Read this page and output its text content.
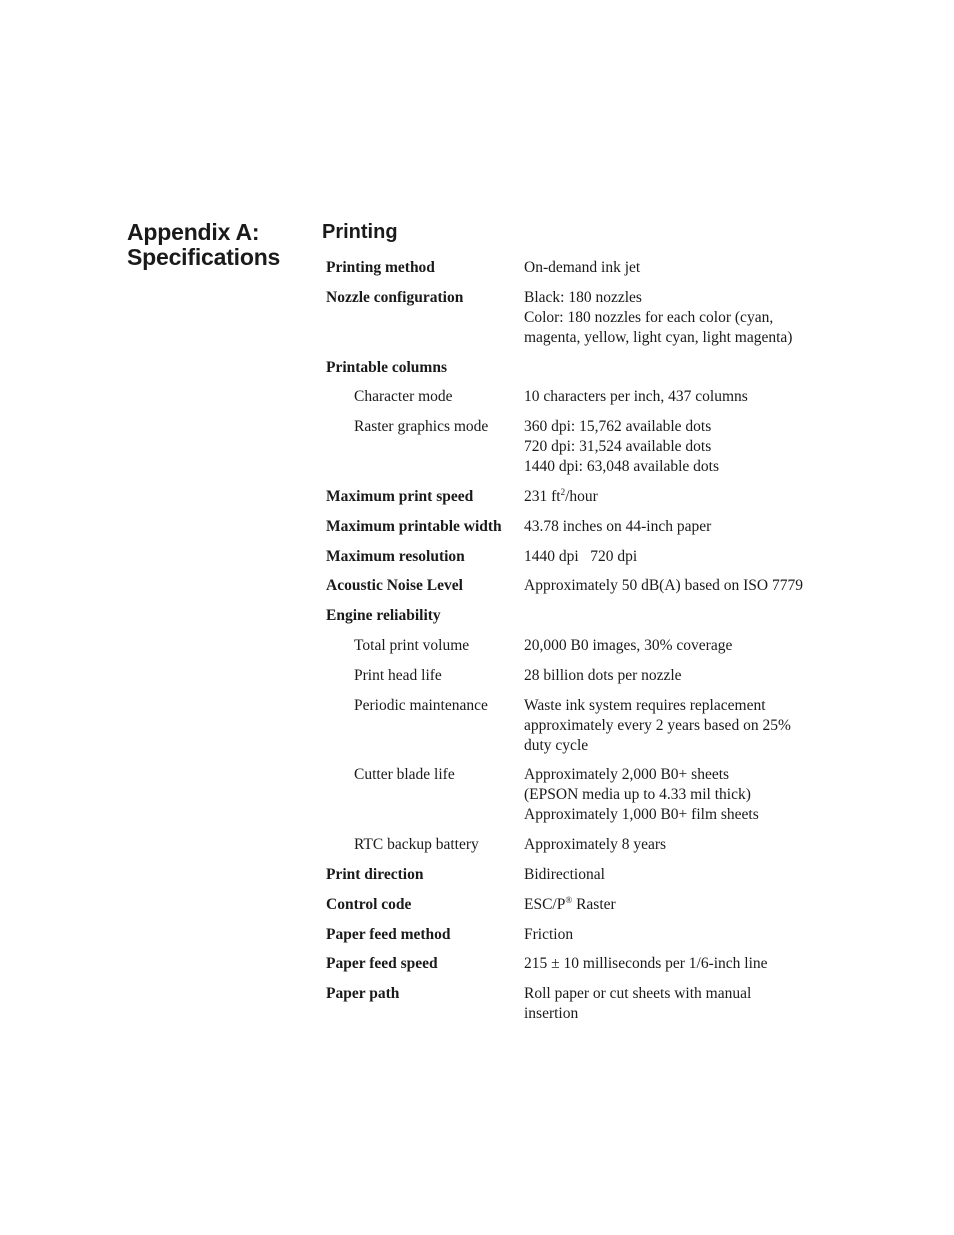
Appendix A:
Specifications
Printing
Printing method	On-demand ink jet
Nozzle configuration	Black: 180 nozzles
Color: 180 nozzles for each color (cyan,
magenta, yellow, light cyan, light magenta)
Printable columns
Character mode	10 characters per inch, 437 columns
Raster graphics mode	360 dpi: 15,762 available dots
720 dpi: 31,524 available dots
1440 dpi: 63,048 available dots
Maximum print speed	231 $ft^2$/hour
Maximum printable width	43.78 inches on 44-inch paper
Maximum resolution	1440 dpi   720 dpi
Acoustic Noise Level	Approximately 50 dB(A) based on ISO 7779
Engine reliability
Total print volume	20,000 B0 images, 30% coverage
Print head life	28 billion dots per nozzle
Periodic maintenance	Waste ink system requires replacement
approximately every 2 years based on 25%
duty cycle
Cutter blade life	Approximately 2,000 B0+ sheets
(EPSON media up to 4.33 mil thick)
Approximately 1,000 B0+ film sheets
RTC backup battery	Approximately 8 years
Print direction	Bidirectional
Control code	ESC/P® Raster
Paper feed method	Friction
Paper feed speed	215 ± 10 milliseconds per 1/6-inch line
Paper path	Roll paper or cut sheets with manual
insertion
